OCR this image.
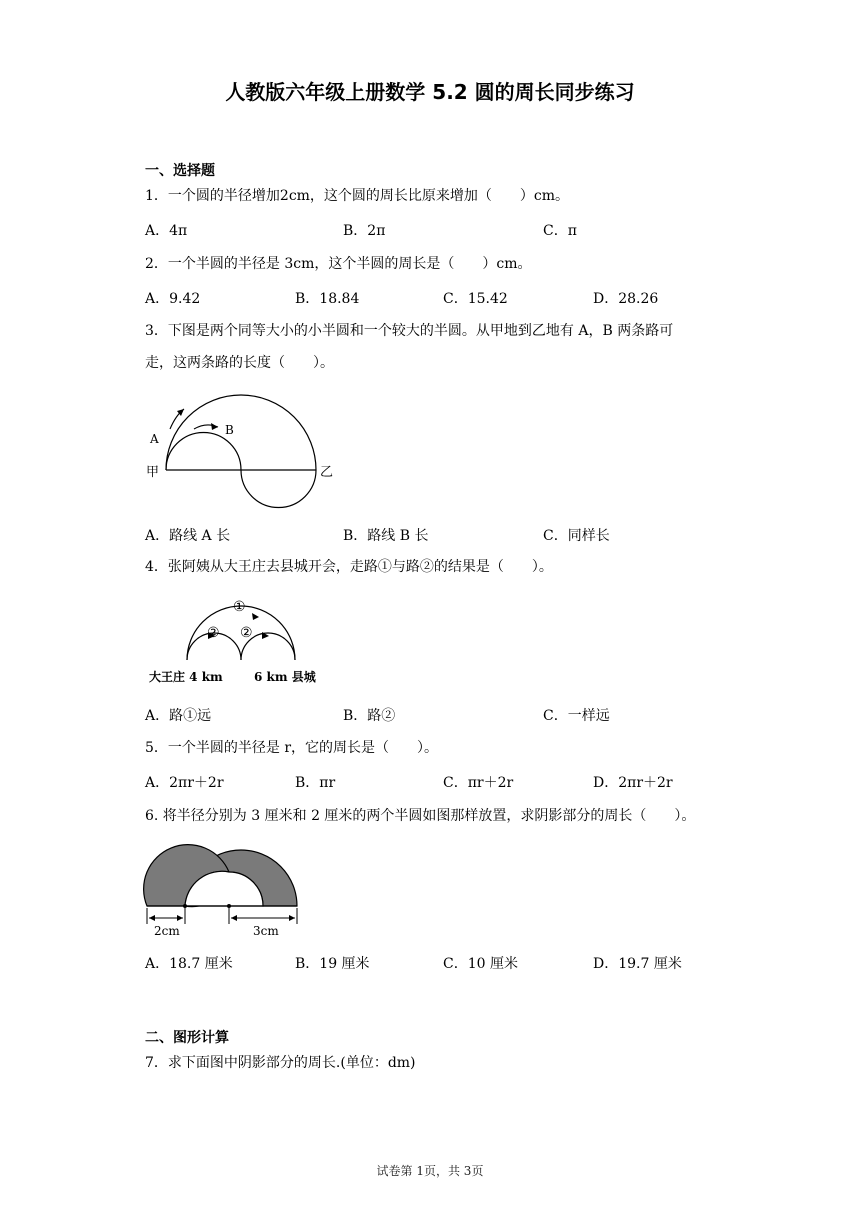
人教版六年级上册数学 5.2 圆的周长同步练习
一、选择题
1．一个圆的半径增加2cm，这个圆的周长比原来增加（　　）cm。
A．4π	B．2π	C．π
2．一个半圆的半径是 3cm，这个半圆的周长是（　　）cm。
A．9.42	B．18.84	C．15.42	D．28.26
3．下图是两个同等大小的小半圆和一个较大的半圆。从甲地到乙地有 A，B 两条路可
走，这两条路的长度（　　）。
A
B
甲	乙
A．路线 A 长	B．路线 B 长	C．同样长
4．张阿姨从大王庄去县城开会，走路①与路②的结果是（　　）。
①
② ②
大王庄 4 km	6 km 县城
A．路①远	B．路②	C．一样远
5．一个半圆的半径是 r，它的周长是（　　）。
A．2πr＋2r	B．πr	C．πr＋2r	D．2πr＋2r
6. 将半径分别为 3 厘米和 2 厘米的两个半圆如图那样放置，求阴影部分的周长（　　）。
2cm	3cm
A．18.7 厘米	B．19 厘米	C．10 厘米	D．19.7 厘米
二、图形计算
7．求下面图中阴影部分的周长.(单位：dm)
试卷第 1页，共 3页
